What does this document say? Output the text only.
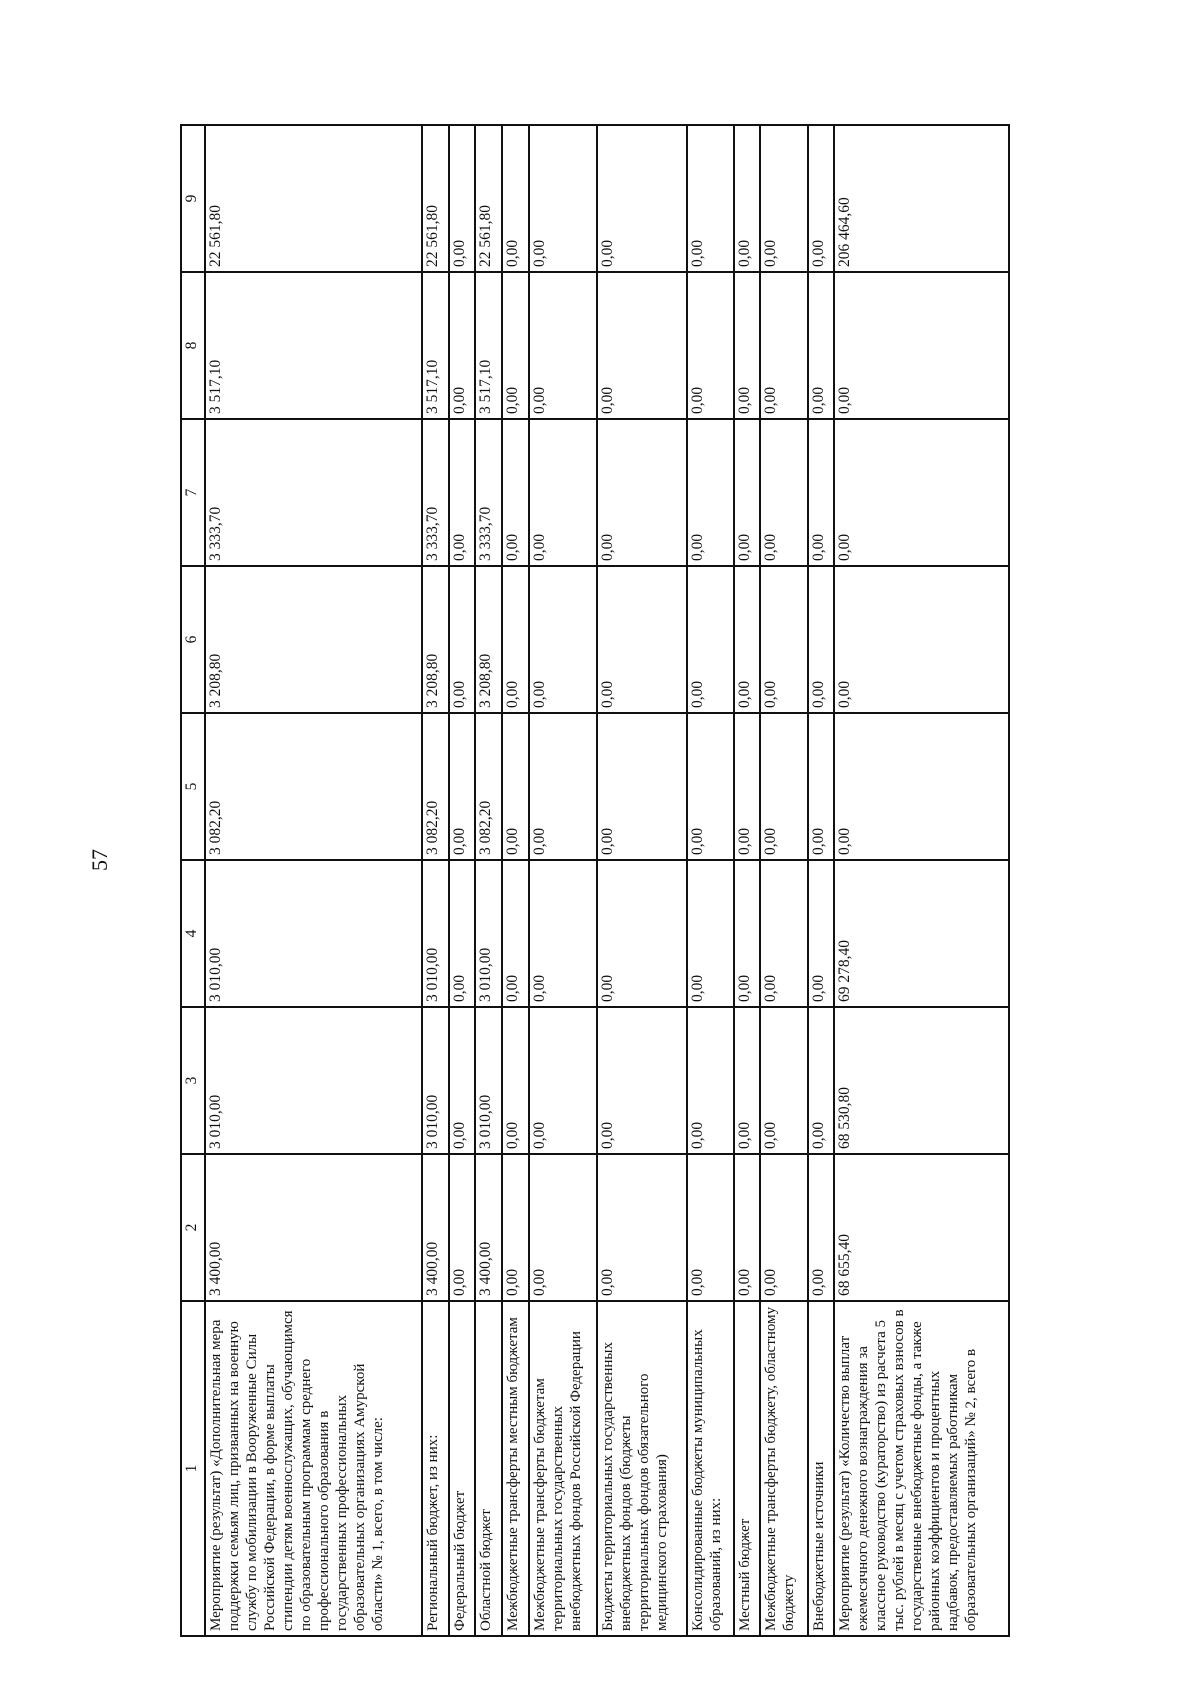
57
1	2	3	4	5	6	7	8	9
Мероприятие (результат) «Дополнительная мера поддержки семьям лиц, призванных на военную службу по мобилизации в Вооруженные Силы Российской Федерации, в форме выплаты стипендии детям военнослужащих, обучающимся по образовательным программам среднего профессионального образования в государственных профессиональных образовательных организациях Амурской области» № 1, всего, в том числе:	3 400,00	3 010,00	3 010,00	3 082,20	3 208,80	3 333,70	3 517,10	22 561,80
Региональный бюджет, из них:	3 400,00	3 010,00	3 010,00	3 082,20	3 208,80	3 333,70	3 517,10	22 561,80
Федеральный бюджет	0,00	0,00	0,00	0,00	0,00	0,00	0,00	0,00
Областной бюджет	3 400,00	3 010,00	3 010,00	3 082,20	3 208,80	3 333,70	3 517,10	22 561,80
Межбюджетные трансферты местным бюджетам	0,00	0,00	0,00	0,00	0,00	0,00	0,00	0,00
Межбюджетные трансферты бюджетам территориальных государственных внебюджетных фондов Российской Федерации	0,00	0,00	0,00	0,00	0,00	0,00	0,00	0,00
Бюджеты территориальных государственных внебюджетных фондов (бюджеты территориальных фондов обязательного медицинского страхования)	0,00	0,00	0,00	0,00	0,00	0,00	0,00	0,00
Консолидированные бюджеты муниципальных образований, из них:	0,00	0,00	0,00	0,00	0,00	0,00	0,00	0,00
Местный бюджет	0,00	0,00	0,00	0,00	0,00	0,00	0,00	0,00
Межбюджетные трансферты бюджету, областному бюджету	0,00	0,00	0,00	0,00	0,00	0,00	0,00	0,00
Внебюджетные источники	0,00	0,00	0,00	0,00	0,00	0,00	0,00	0,00
Мероприятие (результат) «Количество выплат ежемесячного денежного вознаграждения за классное руководство (кураторство) из расчета 5 тыс. рублей в месяц с учетом страховых взносов в государственные внебюджетные фонды, а также районных коэффициентов и процентных надбавок, предоставляемых работникам образовательных организаций» № 2, всего в	68 655,40	68 530,80	69 278,40	0,00	0,00	0,00	0,00	206 464,60
